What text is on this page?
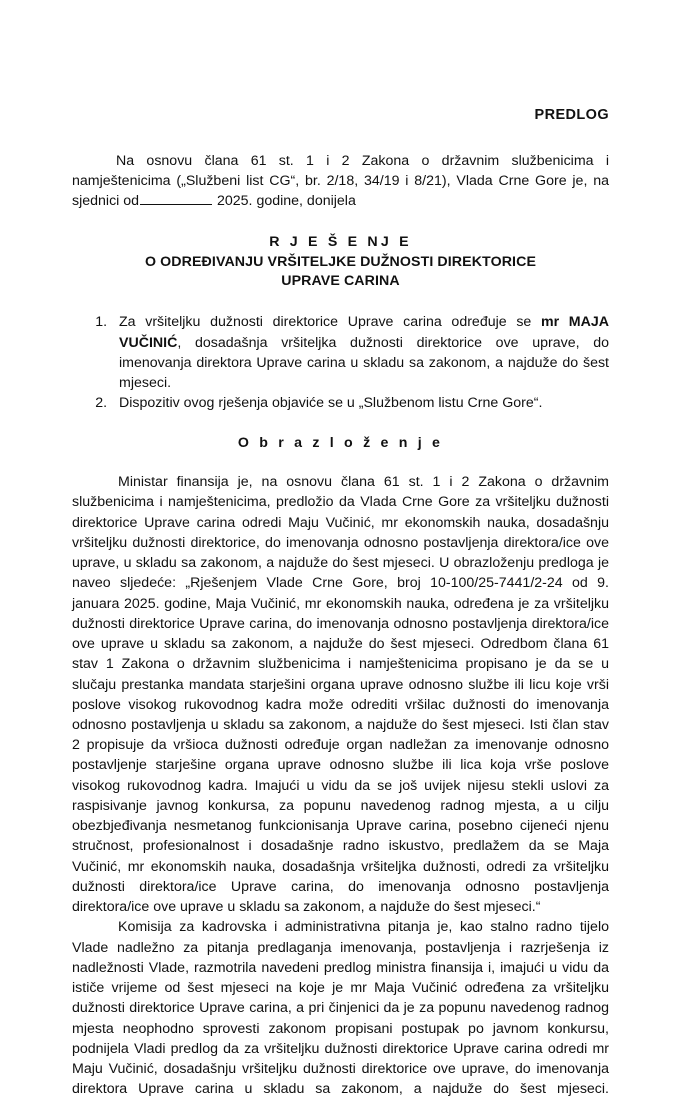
PREDLOG

Na osnovu člana 61 st. 1 i 2 Zakona o državnim službenicima i namještenicima („Službeni list CG“, br. 2/18, 34/19 i 8/21), Vlada Crne Gore je, na sjednici od	2025. godine, donijela

R J E Š E NJ E
O ODREĐIVANJU VRŠITELJKE DUŽNOSTI DIREKTORICE
UPRAVE CARINA
1. Za vršiteljku dužnosti direktorice Uprave carina određuje se mr MAJA VUČINIĆ, dosadašnja vršiteljka dužnosti direktorice ove uprave, do imenovanja direktora Uprave carina u skladu sa zakonom, a najduže do šest mjeseci.
2. Dispozitiv ovog rješenja objaviće se u „Službenom listu Crne Gore“.
O b r a z l o ž e n j e

Ministar finansija je, na osnovu člana 61 st. 1 i 2 Zakona o državnim službenicima i namještenicima, predložio da Vlada Crne Gore za vršiteljku dužnosti direktorice Uprave carina odredi Maju Vučinić, mr ekonomskih nauka, dosadašnju vršiteljku dužnosti direktorice, do imenovanja odnosno postavljenja direktora/ice ove uprave, u skladu sa zakonom, a najduže do šest mjeseci. U obrazloženju predloga je naveo sljedeće: „Rješenjem Vlade Crne Gore, broj 10-100/25-7441/2-24 od 9. januara 2025. godine, Maja Vučinić, mr ekonomskih nauka, određena je za vršiteljku dužnosti direktorice Uprave carina, do imenovanja odnosno postavljenja direktora/ice ove uprave u skladu sa zakonom, a najduže do šest mjeseci. Odredbom člana 61 stav 1 Zakona o državnim službenicima i namještenicima propisano je da se u slučaju prestanka mandata starješini organa uprave odnosno službe ili licu koje vrši poslove visokog rukovodnog kadra može odrediti vršilac dužnosti do imenovanja odnosno postavljenja u skladu sa zakonom, a najduže do šest mjeseci. Isti član stav 2 propisuje da vršioca dužnosti određuje organ nadležan za imenovanje odnosno postavljenje starješine organa uprave odnosno službe ili lica koja vrše poslove visokog rukovodnog kadra. Imajući u vidu da se još uvijek nijesu stekli uslovi za raspisivanje javnog konkursa, za popunu navedenog radnog mjesta, a u cilju obezbjeđivanja nesmetanog funkcionisanja Uprave carina, posebno cijeneći njenu stručnost, profesionalnost i dosadašnje radno iskustvo, predlažem da se Maja Vučinić, mr ekonomskih nauka, dosadašnja vršiteljka dužnosti, odredi za vršiteljku dužnosti direktora/ice Uprave carina, do imenovanja odnosno postavljenja direktora/ice ove uprave u skladu sa zakonom, a najduže do šest mjeseci.“

Komisija za kadrovska i administrativna pitanja je, kao stalno radno tijelo Vlade nadležno za pitanja predlaganja imenovanja, postavljenja i razrješenja iz nadležnosti Vlade, razmotrila navedeni predlog ministra finansija i, imajući u vidu da ističe vrijeme od šest mjeseci na koje je mr Maja Vučinić određena za vršiteljku dužnosti direktorice Uprave carina, a pri činjenici da je za popunu navedenog radnog mjesta neophodno sprovesti zakonom propisani postupak po javnom konkursu, podnijela Vladi predlog da za vršiteljku dužnosti direktorice Uprave carina odredi mr Maju Vučinić, dosadašnju vršiteljku dužnosti direktorice ove uprave, do imenovanja direktora Uprave carina u skladu sa zakonom, a najduže do šest mjeseci.
